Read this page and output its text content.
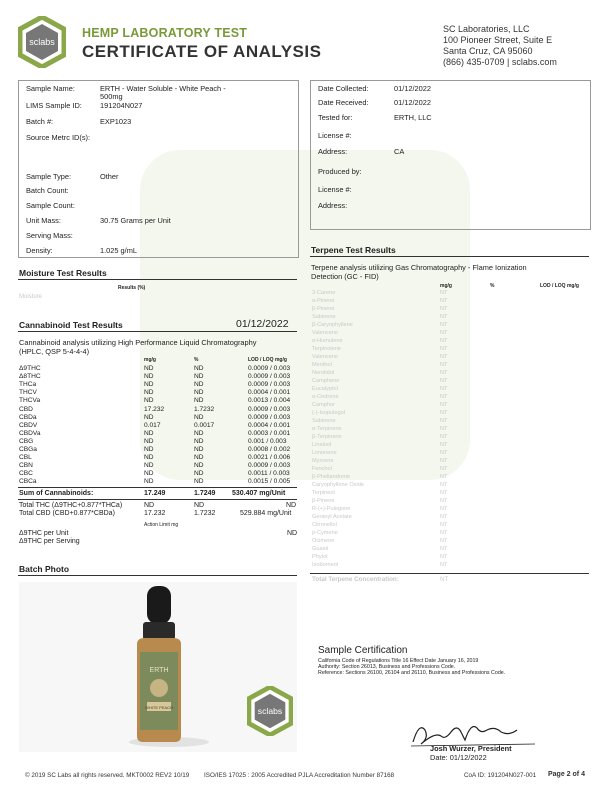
sclabs
HEMP LABORATORY TEST
CERTIFICATE OF ANALYSIS
SC Laboratories, LLC
100 Pioneer Street, Suite E
Santa Cruz, CA 95060
(866) 435-0709 | sclabs.com
Sample Name:	ERTH - Water Soluble - White Peach -
500mg
LIMS Sample ID: 191204N027
Batch #:	EXP1023
Source Metrc ID(s):
Sample Type:	Other
Batch Count:
Sample Count:
Unit Mass:	30.75 Grams per Unit
Serving Mass:
Density:	1.025 g/mL
Date Collected:	01/12/2022
Date Received:	01/12/2022
Tested for:	ERTH, LLC
License #:
Address:	CA
Produced by:
License #:
Address:
Moisture Test Results
Results (%)
Moisture
Cannabinoid Test Results	01/12/2022
Cannabinoid analysis utilizing High Performance Liquid Chromatography
(HPLC, QSP 5-4-4-4)
mg/g	%	LOD / LOQ mg/g
Δ9THC	ND	ND	0.0009 / 0.003
Δ8THC	ND	ND	0.0009 / 0.003
THCa	ND	ND	0.0009 / 0.003
THCV	ND	ND	0.0004 / 0.001
THCVa	ND	ND	0.0013 / 0.004
CBD	17.232	1.7232	0.0009 / 0.003
CBDa	ND	ND	0.0009 / 0.003
CBDV	0.017	0.0017	0.0004 / 0.001
CBDVa	ND	ND	0.0003 / 0.001
CBG	ND	ND	0.001 / 0.003
CBGa	ND	ND	0.0008 / 0.002
CBL	ND	ND	0.0021 / 0.006
CBN	ND	ND	0.0009 / 0.003
CBC	ND	ND	0.0011 / 0.003
CBCa	ND	ND	0.0015 / 0.005
Sum of Cannabinoids:	17.249	1.7249 530.407 mg/Unit
Total THC (Δ9THC+0.877*THCa)	ND	ND	ND
Total CBD (CBD+0.877*CBDa)	17.232	1.7232	529.884 mg/Unit
Action Limit mg
Δ9THC per Unit	ND
Δ9THC per Serving
Batch Photo
ERTH
WHITE PEACH	sclabs
Terpene Test Results
Terpene analysis utilizing Gas Chromatography - Flame Ionization
Detection (GC - FID)
mg/g	%	LOD / LOQ mg/g
3-Carene	NT
α-Pinene	NT
β-Pinene	NT
Sabinene	NT
β-Caryophyllene	NT
Valencene	NT
α-Humulene	NT
Terpinolene	NT
Valencene	NT
Menthol	NT
Nerolidol	NT
Camphene	NT
Eucalyptol	NT
α-Cedrene	NT
Camphor	NT
(-)-Isopulegol	NT
Sabinene	NT
α-Terpinene	NT
β-Terpinene	NT
Linalool	NT
Limonene	NT
Myrcene	NT
Fenchol	NT
β-Phellandrene	NT
Caryophyllene Oxide	NT
Terpineol	NT
β-Pinene	NT
R-(+)-Pulegone	NT
Geranyl Acetate	NT
Citronellol	NT
p-Cymene	NT
Ocimene	NT
Guaiol	NT
Phytol	NT
Isoborneol	NT
Total Terpene Concentration:	NT
Sample Certification
California Code of Regulations Title 16 Effect Date January 16, 2019
Authority: Section 26013, Business and Professions Code.
Reference: Sections 26100, 26104 and 26110, Business and Professions Code.
Josh Wurzer, President
Date: 01/12/2022
© 2019 SC Labs all rights reserved. MKT0002 REV2 10/19 ISO/IES 17025 : 2005 Accredited PJLA Accreditation Number 87168	CoA ID: 191204N027-001 Page 2 of 4
